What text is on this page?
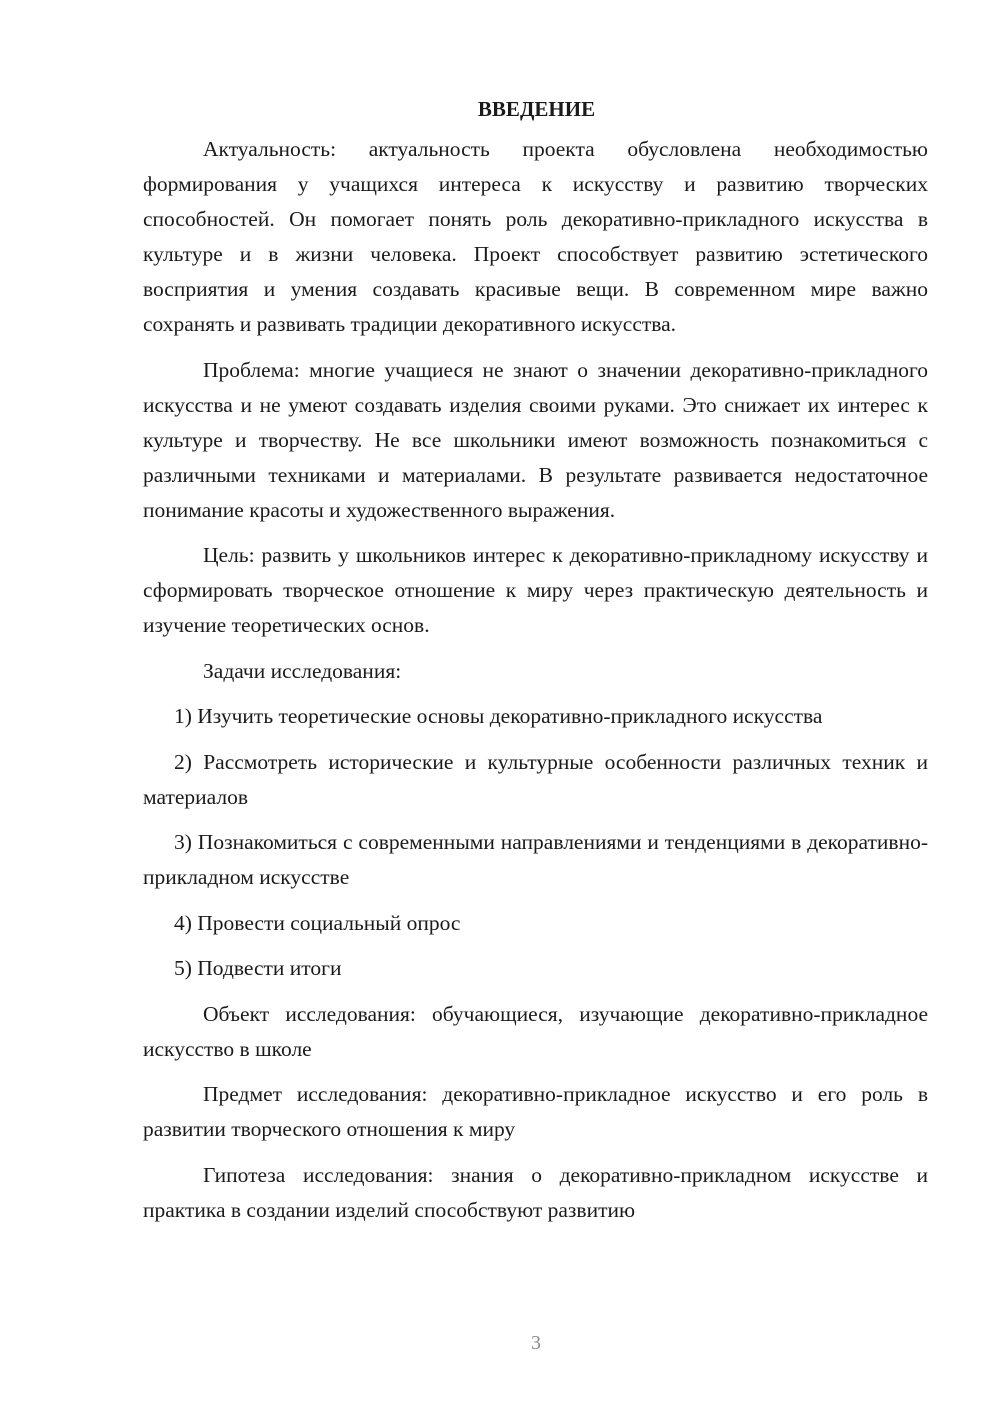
ВВЕДЕНИЕ

Актуальность: актуальность проекта обусловлена необходимостью формирования у учащихся интереса к искусству и развитию творческих способностей. Он помогает понять роль декоративно-прикладного искусства в культуре и в жизни человека. Проект способствует развитию эстетического восприятия и умения создавать красивые вещи. В современном мире важно сохранять и развивать традиции декоративного искусства.

Проблема: многие учащиеся не знают о значении декоративно-прикладного искусства и не умеют создавать изделия своими руками. Это снижает их интерес к культуре и творчеству. Не все школьники имеют возможность познакомиться с различными техниками и материалами. В результате развивается недостаточное понимание красоты и художественного выражения.

Цель: развить у школьников интерес к декоративно-прикладному искусству и сформировать творческое отношение к миру через практическую деятельность и изучение теоретических основ.

Задачи исследования:

1) Изучить теоретические основы декоративно-прикладного искусства

2) Рассмотреть исторические и культурные особенности различных техник и материалов

3) Познакомиться с современными направлениями и тенденциями в декоративно-прикладном искусстве

4) Провести социальный опрос

5) Подвести итоги

Объект исследования: обучающиеся, изучающие декоративно-прикладное искусство в школе

Предмет исследования: декоративно-прикладное искусство и его роль в развитии творческого отношения к миру

Гипотеза исследования: знания о декоративно-прикладном искусстве и практика в создании изделий способствуют развитию

3
